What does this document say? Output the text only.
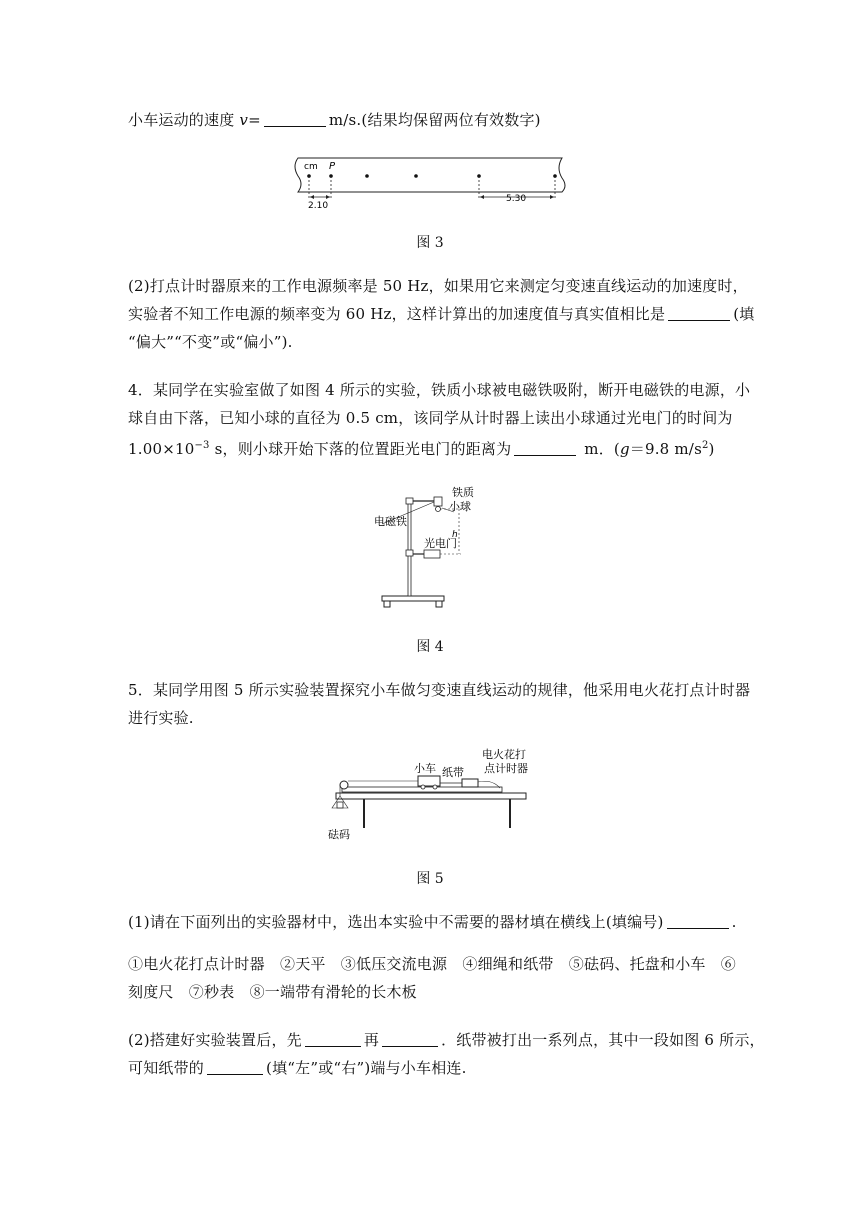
小车运动的速度 v=	m/s.(结果均保留两位有效数字)
cm P
2.10
5.30
图 3
(2)打点计时器原来的工作电源频率是 50 Hz，如果用它来测定匀变速直线运动的加速度时，
实验者不知工作电源的频率变为 60 Hz，这样计算出的加速度值与真实值相比是	(填
“偏大”“不变”或“偏小”).
4．某同学在实验室做了如图 4 所示的实验，铁质小球被电磁铁吸附，断开电磁铁的电源，小
球自由下落，已知小球的直径为 0.5 cm，该同学从计时器上读出小球通过光电门的时间为
$1.00\times 10^{-3}$ s，则小球开始下落的位置距光电门的距离为	m．(g＝9.8 $m/s^2$)
h
铁质
小球
电磁铁
光电门
图 4
5．某同学用图 5 所示实验装置探究小车做匀变速直线运动的规律，他采用电火花打点计时器
进行实验.
小车 纸带
电火花打
点计时器
砝码
图 5
(1)请在下面列出的实验器材中，选出本实验中不需要的器材填在横线上(填编号)	.
①电火花打点计时器　②天平　③低压交流电源　④细绳和纸带　⑤砝码、托盘和小车　⑥
刻度尺　⑦秒表　⑧一端带有滑轮的长木板
(2)搭建好实验装置后，先	再	．纸带被打出一系列点，其中一段如图 6 所示，
可知纸带的	(填“左”或“右”)端与小车相连.
